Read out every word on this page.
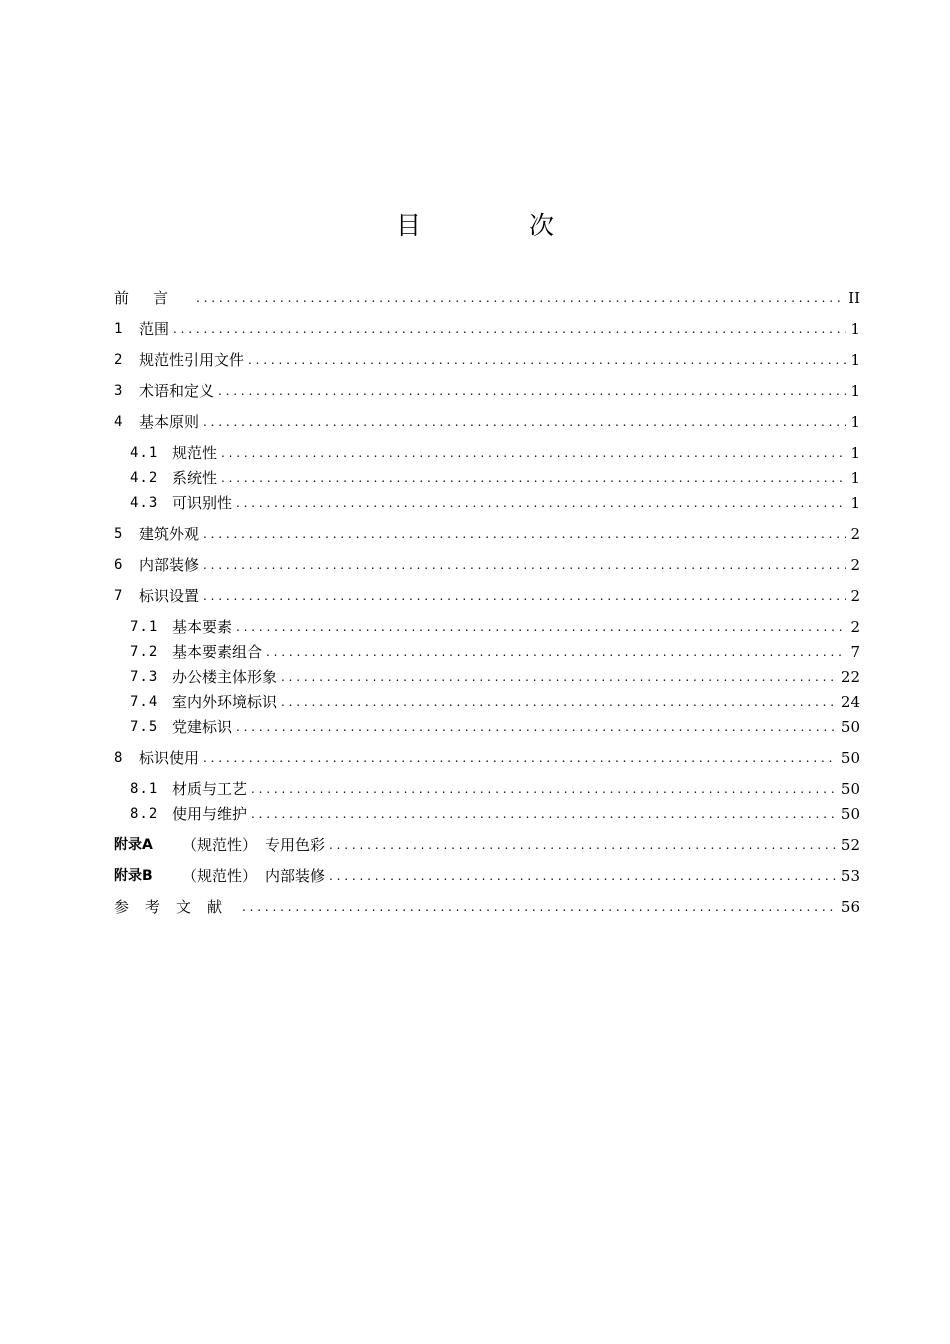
目 次
前言 . . .	II
1	范围 . . .	1
2	规范性引用文件 . . .	1
3	术语和定义 . . .	1
4	基本原则 . . .	1
4.1 规范性 . . .	1
4.2 系统性 . . .	1
4.3 可识别性 . . .	1
5	建筑外观 . . .	2
6	内部装修 . . .	2
7	标识设置 . . .	2
7.1 基本要素 . . .	2
7.2 基本要素组合 . . .	7
7.3 办公楼主体形象 . . .	22
7.4 室内外环境标识 . . .	24
7.5 党建标识 . . .	50
8	标识使用 . . .	50
8.1 材质与工艺 . . .	50
8.2 使用与维护 . . .	50
附录A	（规范性） 专用色彩 . . .	52
附录B	（规范性） 内部装修 . . .	53
参考文献 . . .	56
